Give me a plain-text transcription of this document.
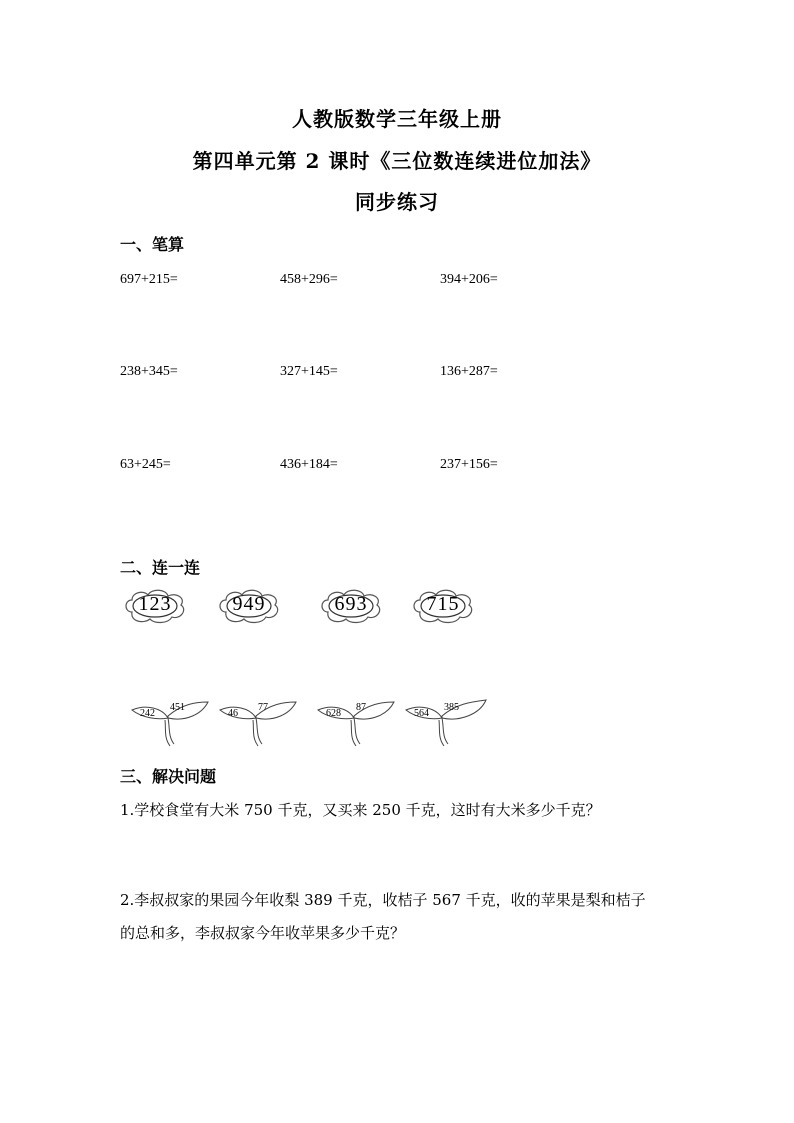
人教版数学三年级上册
第四单元第 2 课时《三位数连续进位加法》
同步练习
一、笔算
697+215=	458+296=	394+206=
238+345=	327+145=	136+287=
63+245=	436+184=	237+156=
二、连一连
123	949	693	715
242
451
46
77
628
87
564
385
三、解决问题
1.学校食堂有大米 750 千克，又买来 250 千克，这时有大米多少千克？
2.李叔叔家的果园今年收梨 389 千克，收桔子 567 千克，收的苹果是梨和桔子
的总和多，李叔叔家今年收苹果多少千克？
